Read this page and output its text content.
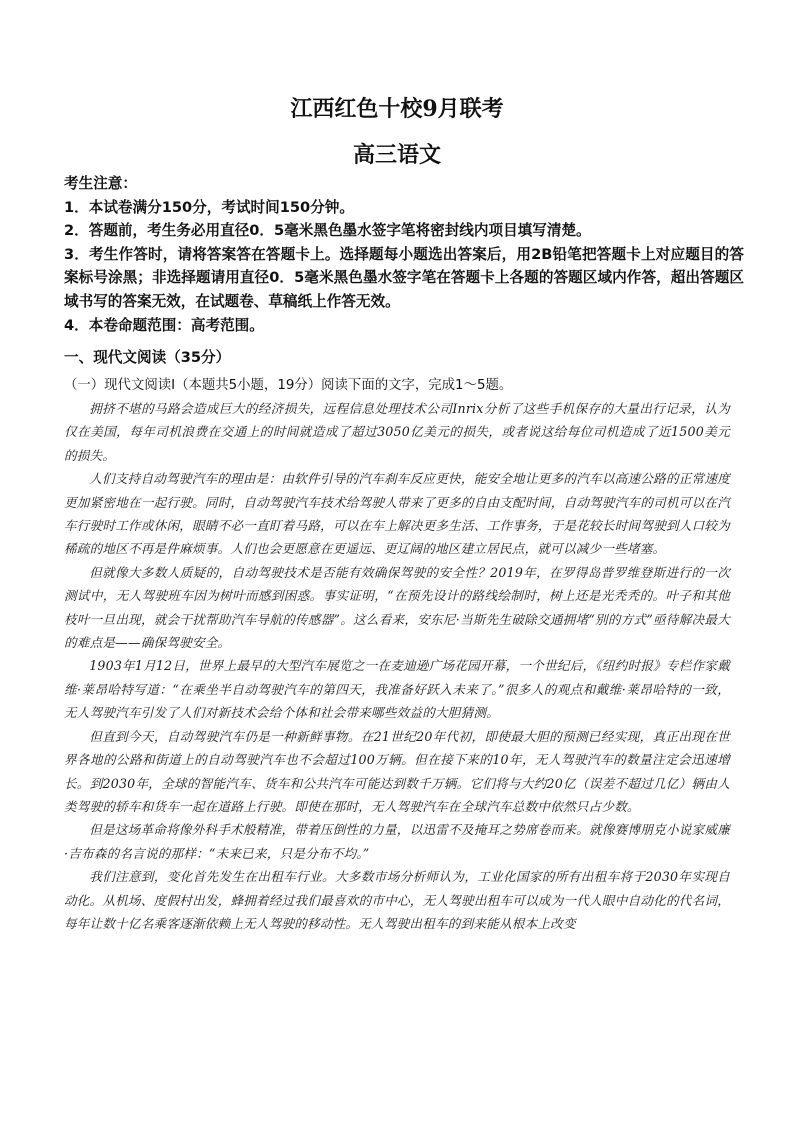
江西红色十校9月联考
高三语文

考生注意：

1．本试卷满分150分，考试时间150分钟。

2．答题前，考生务必用直径0．5毫米黑色墨水签字笔将密封线内项目填写清楚。

3．考生作答时，请将答案答在答题卡上。选择题每小题选出答案后，用2B铅笔把答题卡上对应题目的答案标号涂黑；非选择题请用直径0．5毫米黑色墨水签字笔在答题卡上各题的答题区域内作答，超出答题区域书写的答案无效，在试题卷、草稿纸上作答无效。

4．本卷命题范围：高考范围。

一、现代文阅读（35分）
（一）现代文阅读Ⅰ（本题共5小题，19分）阅读下面的文字，完成1～5题。

拥挤不堪的马路会造成巨大的经济损失，远程信息处理技术公司Inrix分析了这些手机保存的大量出行记录，认为仅在美国，每年司机浪费在交通上的时间就造成了超过3050亿美元的损失，或者说这给每位司机造成了近1500美元的损失。

人们支持自动驾驶汽车的理由是：由软件引导的汽车刹车反应更快，能安全地让更多的汽车以高速公路的正常速度更加紧密地在一起行驶。同时，自动驾驶汽车技术给驾驶人带来了更多的自由支配时间，自动驾驶汽车的司机可以在汽车行驶时工作或休闲，眼睛不必一直盯着马路，可以在车上解决更多生活、工作事务，于是花较长时间驾驶到人口较为稀疏的地区不再是件麻烦事。人们也会更愿意在更遥远、更辽阔的地区建立居民点，就可以减少一些堵塞。

但就像大多数人质疑的，自动驾驶技术是否能有效确保驾驶的安全性？2019年，在罗得岛普罗维登斯进行的一次测试中，无人驾驶班车因为树叶而感到困惑。事实证明，“在预先设计的路线绘制时，树上还是光秃秃的。叶子和其他枝叶一旦出现，就会干扰帮助汽车导航的传感器”。这么看来，安东尼·当斯先生破除交通拥堵“别的方式”亟待解决最大的难点是——确保驾驶安全。

1903年1月12日，世界上最早的大型汽车展览之一在麦迪逊广场花园开幕，一个世纪后，《纽约时报》专栏作家戴维·莱昂哈特写道：“在乘坐半自动驾驶汽车的第四天，我准备好跃入未来了。”很多人的观点和戴维·莱昂哈特的一致，无人驾驶汽车引发了人们对新技术会给个体和社会带来哪些效益的大胆猜测。

但直到今天，自动驾驶汽车仍是一种新鲜事物。在21世纪20年代初，即使最大胆的预测已经实现，真正出现在世界各地的公路和街道上的自动驾驶汽车也不会超过100万辆。但在接下来的10年，无人驾驶汽车的数量注定会迅速增长。到2030年，全球的智能汽车、货车和公共汽车可能达到数千万辆。它们将与大约20亿（误差不超过几亿）辆由人类驾驶的轿车和货车一起在道路上行驶。即使在那时，无人驾驶汽车在全球汽车总数中依然只占少数。

但是这场革命将像外科手术般精准，带着压倒性的力量，以迅雷不及掩耳之势席卷而来。就像赛博朋克小说家威廉·吉布森的名言说的那样：“未来已来，只是分布不均。”

我们注意到，变化首先发生在出租车行业。大多数市场分析师认为，工业化国家的所有出租车将于2030年实现自动化。从机场、度假村出发，蜂拥着经过我们最喜欢的市中心，无人驾驶出租车可以成为一代人眼中自动化的代名词，每年让数十亿名乘客逐渐依赖上无人驾驶的移动性。无人驾驶出租车的到来能从根本上改变
